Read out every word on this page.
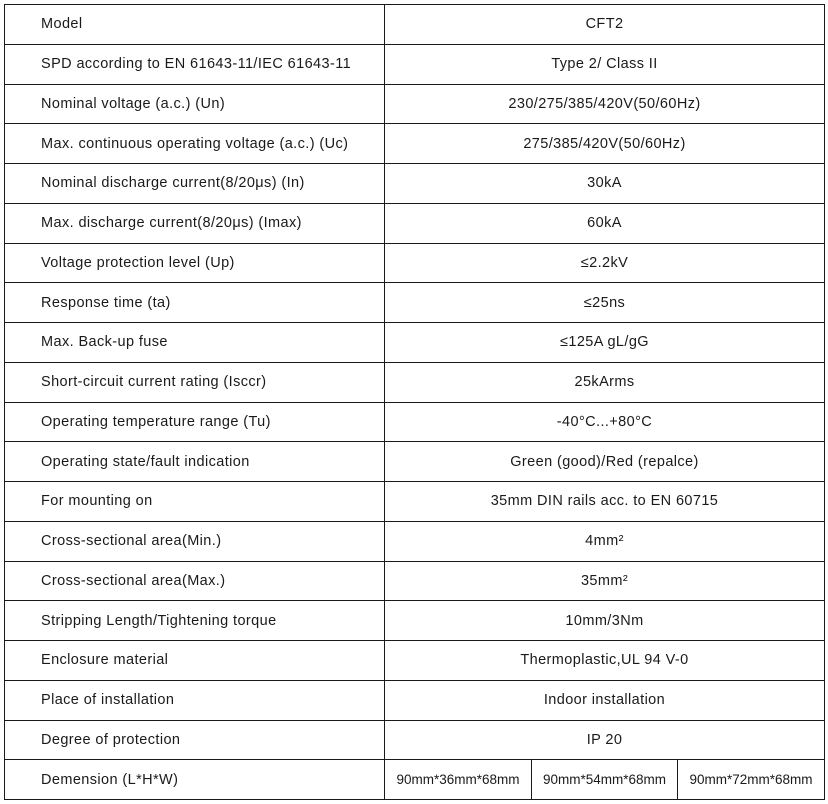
Model	CFT2		
SPD according to EN 61643-11/IEC 61643-11	Type 2/ Class II		
Nominal voltage (a.c.) (Un)	230/275/385/420V(50/60Hz)		
Max. continuous operating voltage (a.c.) (Uc)	275/385/420V(50/60Hz)		
Nominal discharge current(8/20μs) (In)	30kA		
Max. discharge current(8/20μs) (Imax)	60kA		
Voltage protection level (Up)	≤2.2kV		
Response time (ta)	≤25ns		
Max. Back-up fuse	≤125A gL/gG		
Short-circuit current rating (Isccr)	25kArms		
Operating temperature range (Tu)	-40°C...+80°C		
Operating state/fault indication	Green (good)/Red (repalce)		
For mounting on	35mm DIN rails acc. to EN 60715		
Cross-sectional area(Min.)	4mm²		
Cross-sectional area(Max.)	35mm²		
Stripping Length/Tightening torque	10mm/3Nm		
Enclosure material	Thermoplastic,UL 94 V-0		
Place of installation	Indoor installation		
Degree of protection	IP 20		
Demension (L*H*W)	90mm*36mm*68mm	90mm*54mm*68mm	90mm*72mm*68mm
